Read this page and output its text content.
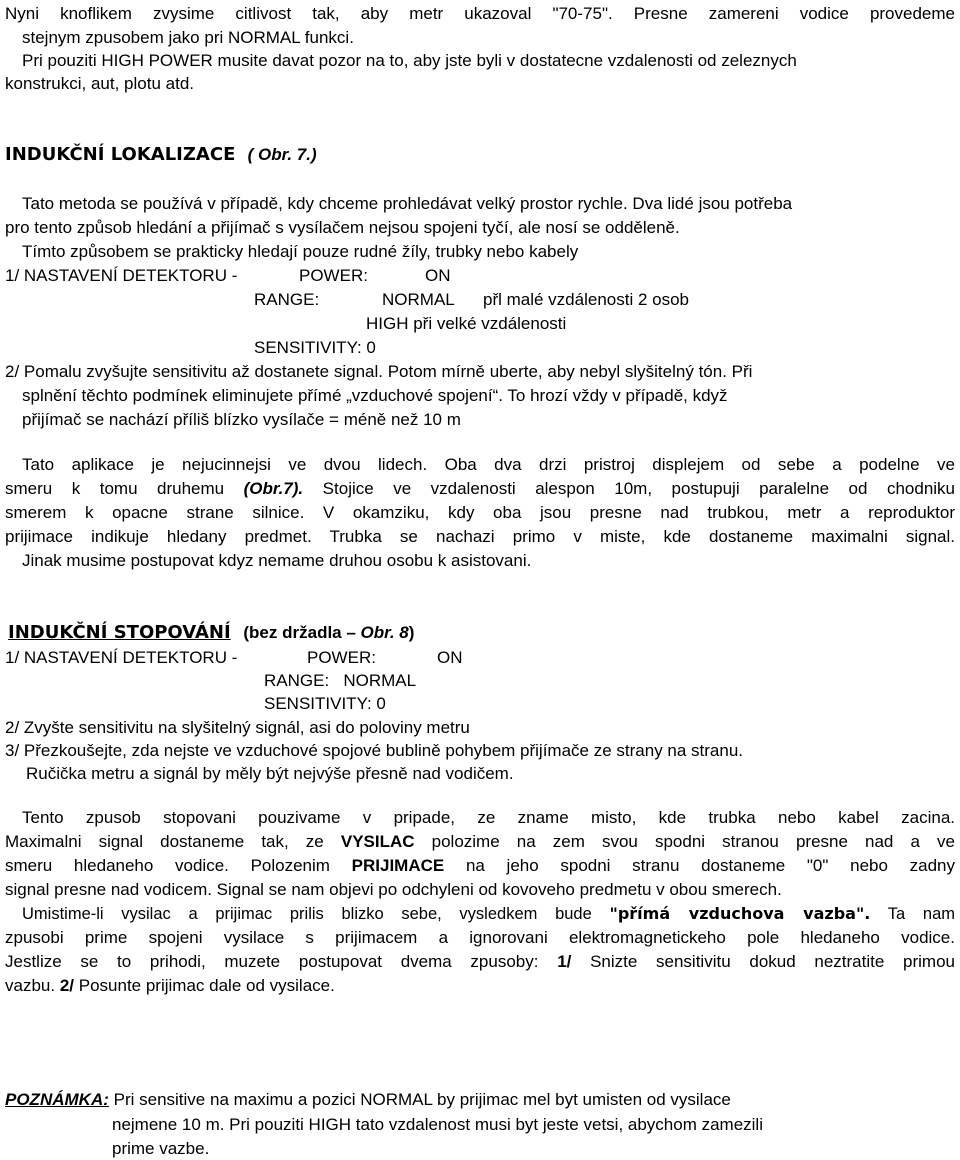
Nyni knoflikem zvysime citlivost tak, aby metr ukazoval "70-75". Presne zamereni vodice provedeme
stejnym zpusobem jako pri NORMAL funkci.
Pri pouziti HIGH POWER musite davat pozor na to, aby jste byli v dostatecne vzdalenosti od zeleznych
konstrukci, aut, plotu atd.
INDUKČNÍ LOKALIZACE ( Obr. 7.)
Tato metoda se používá v případě, kdy chceme prohledávat velký prostor rychle. Dva lidé jsou potřeba
pro tento způsob hledání a přijímač s vysílačem nejsou spojeni tyčí, ale nosí se odděleně.
Tímto způsobem se prakticky hledají pouze rudné žíly, trubky nebo kabely
1/ NASTAVENÍ DETEKTORU -	POWER:	ON
RANGE:	NORMAL přl malé vzdálenosti 2 osob
HIGH při velké vzdálenosti
SENSITIVITY: 0
2/ Pomalu zvyšujte sensitivitu až dostanete signal. Potom mírně uberte, aby nebyl slyšitelný tón. Při
splnění těchto podmínek eliminujete přímé „vzduchové spojení“. To hrozí vždy v případě, když
přijímač se nachází příliš blízko vysílače = méně než 10 m
Tato aplikace je nejucinnejsi ve dvou lidech. Oba dva drzi pristroj displejem od sebe a podelne ve
smeru k tomu druhemu (Obr.7). Stojice ve vzdalenosti alespon 10m, postupuji paralelne od chodniku
smerem k opacne strane silnice. V okamziku, kdy oba jsou presne nad trubkou, metr a reproduktor
prijimace indikuje hledany predmet. Trubka se nachazi primo v miste, kde dostaneme maximalni signal.
Jinak musime postupovat kdyz nemame druhou osobu k asistovani.
INDUKČNÍ STOPOVÁNÍ (bez držadla – Obr. 8)
1/ NASTAVENÍ DETEKTORU -	POWER:	ON
RANGE:   NORMAL
SENSITIVITY: 0
2/ Zvyšte sensitivitu na slyšitelný signál, asi do poloviny metru
3/ Přezkoušejte, zda nejste ve vzduchové spojové bublině pohybem přijímače ze strany na stranu.
Ručička metru a signál by měly být nejvýše přesně nad vodičem.
Tento zpusob stopovani pouzivame v pripade, ze zname misto, kde trubka nebo kabel zacina.
Maximalni signal dostaneme tak, ze VYSILAC polozime na zem svou spodni stranou presne nad a ve
smeru hledaneho vodice. Polozenim PRIJIMACE na jeho spodni stranu dostaneme "0" nebo zadny
signal presne nad vodicem. Signal se nam objevi po odchyleni od kovoveho predmetu v obou smerech.
Umistime-li vysilac a prijimac prilis blizko sebe, vysledkem bude "přímá vzduchova vazba". Ta nam
zpusobi prime spojeni vysilace s prijimacem a ignorovani elektromagnetickeho pole hledaneho vodice.
Jestlize se to prihodi, muzete postupovat dvema zpusoby: 1/ Snizte sensitivitu dokud neztratite primou
vazbu. 2/ Posunte prijimac dale od vysilace.
POZNÁMKA: Pri sensitive na maximu a pozici NORMAL by prijimac mel byt umisten od vysilace
nejmene 10 m. Pri pouziti HIGH tato vzdalenost musi byt jeste vetsi, abychom zamezili
prime vazbe.
